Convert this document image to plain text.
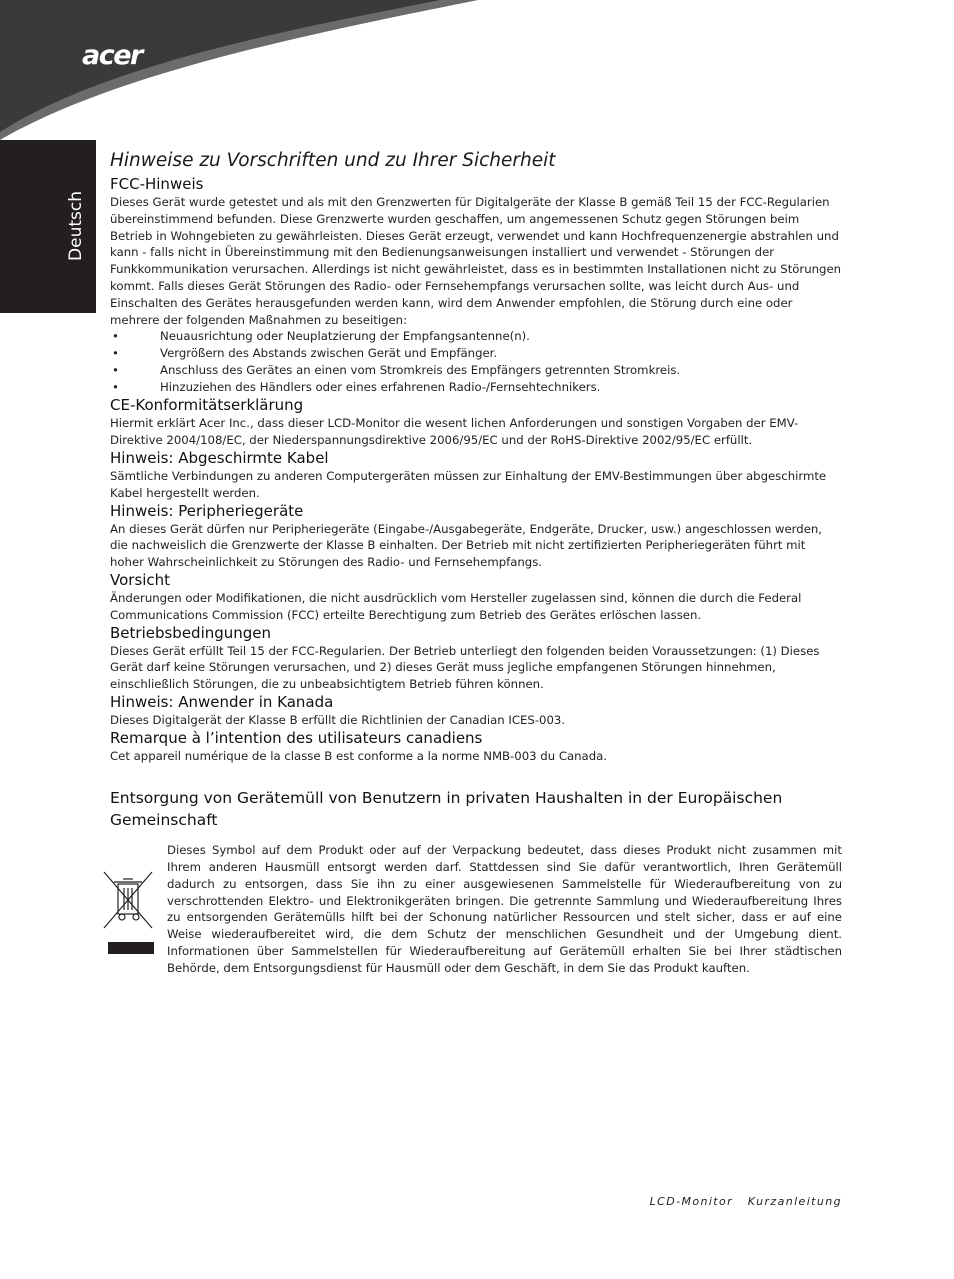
acer
Deutsch
Hinweise zu Vorschriften und zu Ihrer Sicherheit
FCC-Hinweis

Dieses Gerät wurde getestet und als mit den Grenzwerten für Digitalgeräte der Klasse B gemäß Teil 15 der FCC-Regularien übereinstimmend befunden. Diese Grenzwerte wurden geschaffen, um angemessenen Schutz gegen Störungen beim Betrieb in Wohngebieten zu gewährleisten. Dieses Gerät erzeugt, verwendet und kann Hochfrequenzenergie abstrahlen und kann - falls nicht in Übereinstimmung mit den Bedienungsanweisungen installiert und verwendet - Störungen der Funkkommunikation verursachen. Allerdings ist nicht gewährleistet, dass es in bestimmten Installationen nicht zu Störungen kommt. Falls dieses Gerät Störungen des Radio- oder Fernsehempfangs verursachen sollte, was leicht durch Aus- und Einschalten des Gerätes herausgefunden werden kann, wird dem Anwender empfohlen, die Störung durch eine oder mehrere der folgenden Maßnahmen zu beseitigen:

•	Neuausrichtung oder Neuplatzierung der Empfangsantenne(n).
•	Vergrößern des Abstands zwischen Gerät und Empfänger.
•	Anschluss des Gerätes an einen vom Stromkreis des Empfängers getrennten Stromkreis.
•	Hinzuziehen des Händlers oder eines erfahrenen Radio-/Fernsehtechnikers.
CE-Konformitätserklärung

Hiermit erklärt Acer Inc., dass dieser LCD-Monitor die wesent lichen Anforderungen und sonstigen Vorgaben der EMV-Direktive 2004/108/EC, der Niederspannungsdirektive 2006/95/EC und der RoHS-Direktive 2002/95/EC erfüllt.

Hinweis: Abgeschirmte Kabel

Sämtliche Verbindungen zu anderen Computergeräten müssen zur Einhaltung der EMV-Bestimmungen über abgeschirmte Kabel hergestellt werden.

Hinweis: Peripheriegeräte

An dieses Gerät dürfen nur Peripheriegeräte (Eingabe-/Ausgabegeräte, Endgeräte, Drucker, usw.) angeschlossen werden, die nachweislich die Grenzwerte der Klasse B einhalten. Der Betrieb mit nicht zertifizierten Peripheriegeräten führt mit hoher Wahrscheinlichkeit zu Störungen des Radio- und Fernsehempfangs.

Vorsicht

Änderungen oder Modifikationen, die nicht ausdrücklich vom Hersteller zugelassen sind, können die durch die Federal Communications Commission (FCC) erteilte Berechtigung zum Betrieb des Gerätes erlöschen lassen.

Betriebsbedingungen

Dieses Gerät erfüllt Teil 15 der FCC-Regularien. Der Betrieb unterliegt den folgenden beiden Voraussetzungen: (1) Dieses Gerät darf keine Störungen verursachen, und 2) dieses Gerät muss jegliche empfangenen Störungen hinnehmen, einschließlich Störungen, die zu unbeabsichtigtem Betrieb führen können.

Hinweis: Anwender in Kanada

Dieses Digitalgerät der Klasse B erfüllt die Richtlinien der Canadian ICES-003.

Remarque à l’intention des utilisateurs canadiens

Cet appareil numérique de la classe B est conforme a la norme NMB-003 du Canada.

Entsorgung von Gerätemüll von Benutzern in privaten Haushalten in der Europäischen Gemeinschaft

Dieses Symbol auf dem Produkt oder auf der Verpackung bedeutet, dass dieses Produkt nicht zusammen mit Ihrem anderen Hausmüll entsorgt werden darf. Stattdessen sind Sie dafür verantwortlich, Ihren Gerätemüll dadurch zu entsorgen, dass Sie ihn zu einer ausgewiesenen Sammelstelle für Wiederaufbereitung von zu verschrottenden Elektro- und Elektronikgeräten bringen. Die getrennte Sammlung und Wiederaufbereitung Ihres zu entsorgenden Gerätemülls hilft bei der Schonung natürlicher Ressourcen und stelt sicher, dass er auf eine Weise wiederaufbereitet wird, die dem Schutz der menschlichen Gesundheit und der Umgebung dient. Informationen über Sammelstellen für Wiederaufbereitung auf Gerätemüll erhalten Sie bei Ihrer städtischen Behörde, dem Entsorgungsdienst für Hausmüll oder dem Geschäft, in dem Sie das Produkt kauften.

LCD-Monitor Kurzanleitung
